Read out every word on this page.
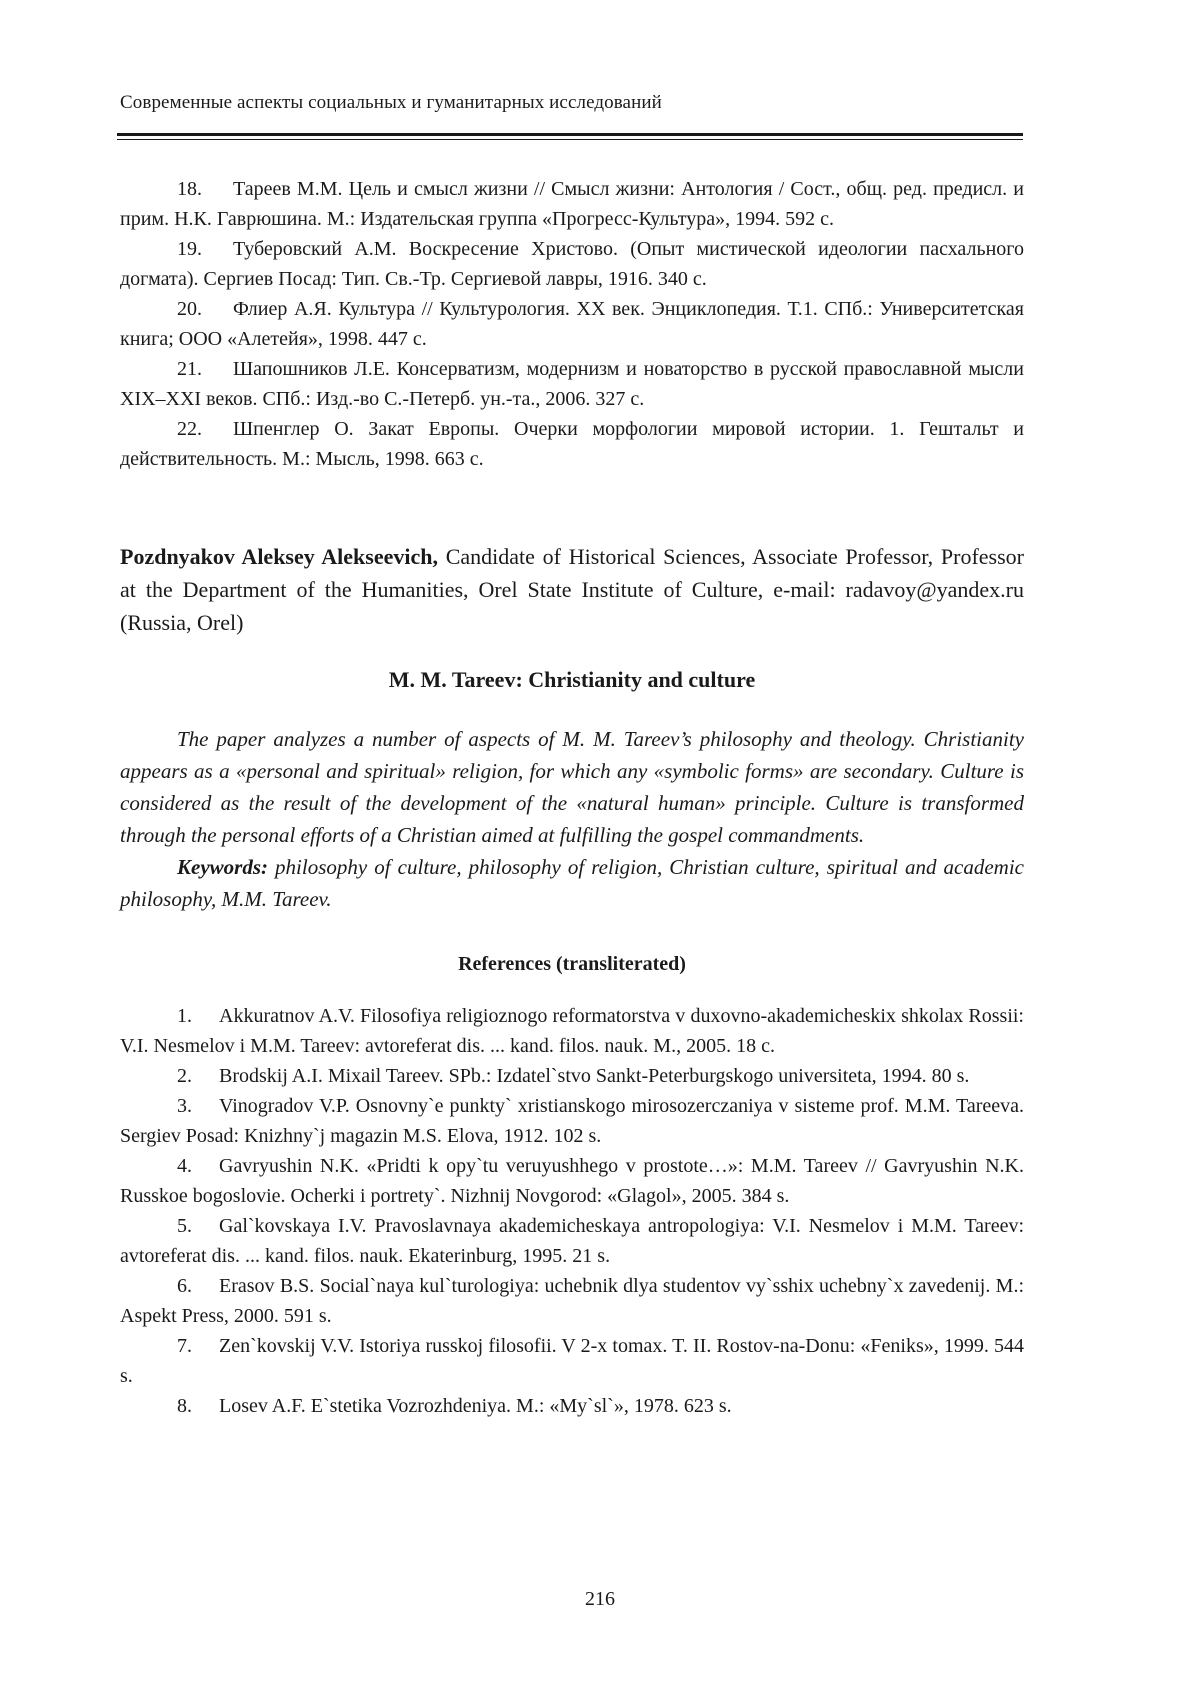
Современные аспекты социальных и гуманитарных исследований

18. Тареев М.М. Цель и смысл жизни // Смысл жизни: Антология / Сост., общ. ред. предисл. и прим. Н.К. Гаврюшина. М.: Издательская группа «Прогресс-Культура», 1994. 592 с.

19. Туберовский А.М. Воскресение Христово. (Опыт мистической идеологии пасхального догмата). Сергиев Посад: Тип. Св.-Тр. Сергиевой лавры, 1916. 340 с.

20. Флиер А.Я. Культура // Культурология. XX век. Энциклопедия. Т.1. СПб.: Университетская книга; ООО «Алетейя», 1998. 447 с.

21. Шапошников Л.Е. Консерватизм, модернизм и новаторство в русской православной мысли XIX–XXI веков. СПб.: Изд.-во С.-Петерб. ун.-та., 2006. 327 с.

22. Шпенглер О. Закат Европы. Очерки морфологии мировой истории. 1. Гештальт и действительность. М.: Мысль, 1998. 663 с.

Pozdnyakov Aleksey Alekseevich, Candidate of Historical Sciences, Associate Professor, Professor at the Department of the Humanities, Orel State Institute of Culture, e-mail: radavoy@yandex.ru (Russia, Orel)
M. M. Tareev: Christianity and culture

The paper analyzes a number of aspects of M. M. Tareev’s philosophy and theology. Christianity appears as a «personal and spiritual» religion, for which any «symbolic forms» are secondary. Culture is considered as the result of the development of the «natural human» principle. Culture is transformed through the personal efforts of a Christian aimed at fulfilling the gospel commandments.

Keywords: philosophy of culture, philosophy of religion, Christian culture, spiritual and academic philosophy, M.M. Tareev.

References (transliterated)

1. Akkuratnov A.V. Filosofiya religioznogo reformatorstva v duxovno-akademicheskix shkolax Rossii: V.I. Nesmelov i M.M. Tareev: avtoreferat dis. ... kand. filos. nauk. M., 2005. 18 c.

2. Brodskij A.I. Mixail Tareev. SPb.: Izdatel`stvo Sankt-Peterburgskogo universiteta, 1994. 80 s.

3. Vinogradov V.P. Osnovny`e punkty` xristianskogo mirosozerczaniya v sisteme prof. M.M. Tareeva. Sergiev Posad: Knizhny`j magazin M.S. Elova, 1912. 102 s.

4. Gavryushin N.K. «Pridti k opy`tu veruyushhego v prostote…»: M.M. Tareev // Gavryushin N.K. Russkoe bogoslovie. Ocherki i portrety`. Nizhnij Novgorod: «Glagol», 2005. 384 s.

5. Gal`kovskaya I.V. Pravoslavnaya akademicheskaya antropologiya: V.I. Nesmelov i M.M. Tareev: avtoreferat dis. ... kand. filos. nauk. Ekaterinburg, 1995. 21 s.

6. Erasov B.S. Social`naya kul`turologiya: uchebnik dlya studentov vy`sshix uchebny`x zavedenij. M.: Aspekt Press, 2000. 591 s.

7. Zen`kovskij V.V. Istoriya russkoj filosofii. V 2-x tomax. T. II. Rostov-na-Donu: «Feniks», 1999. 544 s.

8. Losev A.F. E`stetika Vozrozhdeniya. M.: «My`sl`», 1978. 623 s.

216
